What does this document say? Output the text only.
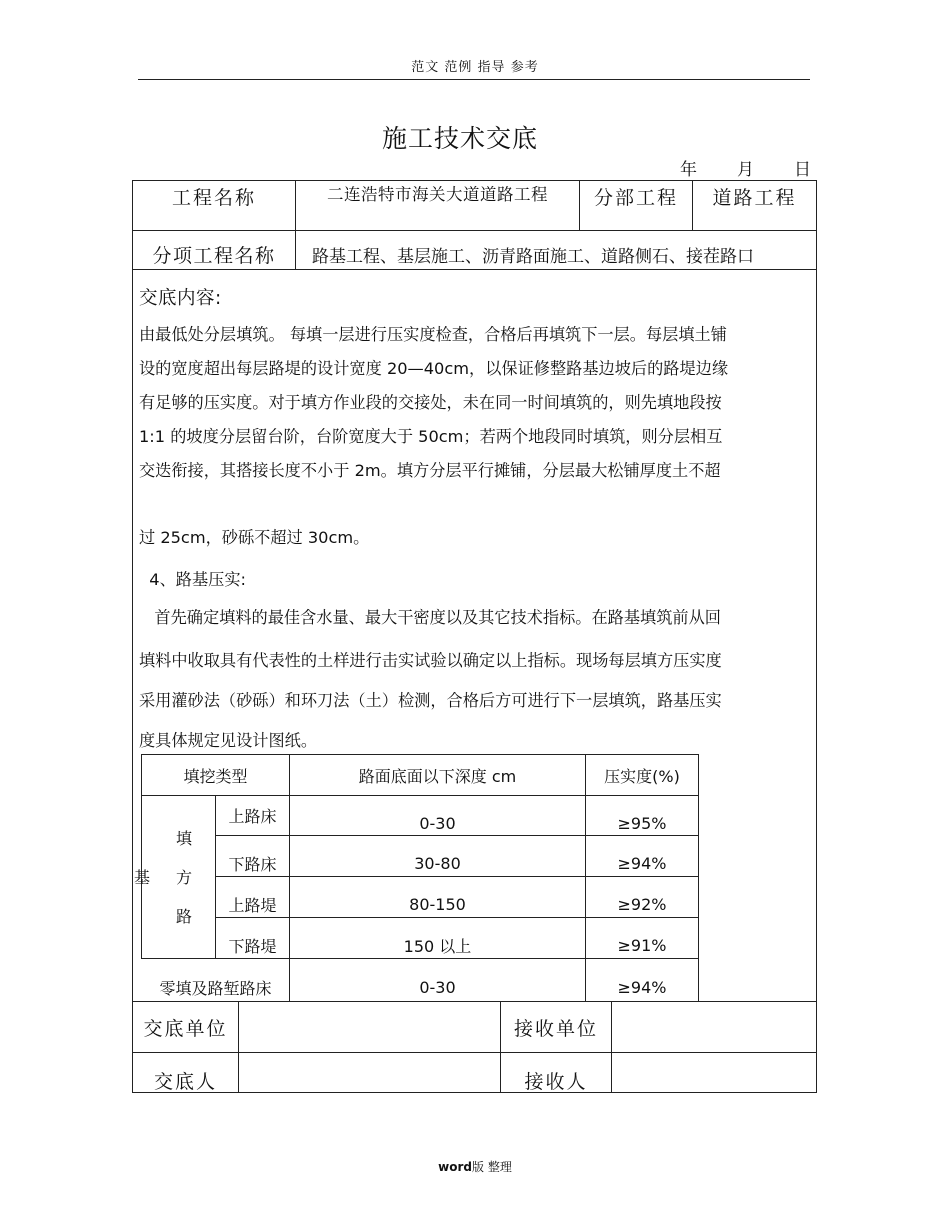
范文 范例 指导 参考
施工技术交底
年 月 日
工程名称	二连浩特市海关大道道路工程	分部工程	道路工程
分项工程名称	路基工程、基层施工、沥青路面施工、道路侧石、接茬路口
交底内容:
由最低处分层填筑。 每填一层进行压实度检查，合格后再填筑下一层。每层填土铺
设的宽度超出每层路堤的设计宽度 20—40cm，以保证修整路基边坡后的路堤边缘
有足够的压实度。对于填方作业段的交接处，未在同一时间填筑的，则先填地段按
1:1 的坡度分层留台阶，台阶宽度大于 50cm；若两个地段同时填筑，则分层相互
交迭衔接，其搭接长度不小于 2m。填方分层平行摊铺，分层最大松铺厚度土不超
过 25cm，砂砾不超过 30cm。
4、路基压实:
首先确定填料的最佳含水量、最大干密度以及其它技术指标。在路基填筑前从回
填料中收取具有代表性的土样进行击实试验以确定以上指标。现场每层填方压实度
采用灌砂法（砂砾）和环刀法（土）检测，合格后方可进行下一层填筑，路基压实
度具体规定见设计图纸。
填挖类型	路面底面以下深度 cm	压实度(%)
基
填
方
路
上路床	0-30	≥95%
下路床	30-80	≥94%
上路堤	80-150	≥92%
下路堤	150 以上	≥91%
零填及路堑路床	0-30	≥94%
交底单位	接收单位
交底人	接收人
word版 整理
